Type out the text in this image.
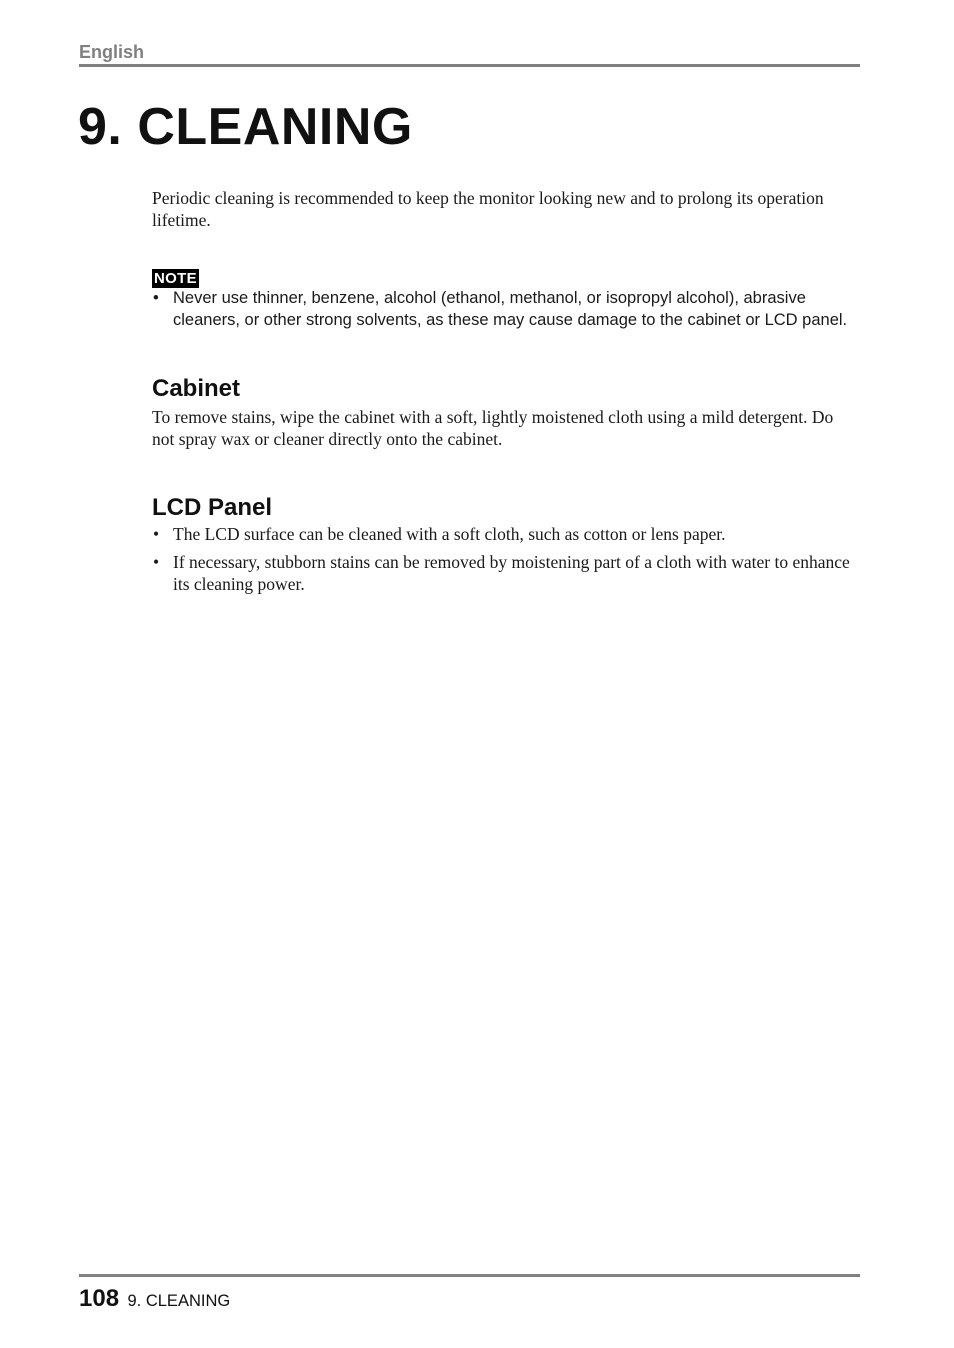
English
9. CLEANING

Periodic cleaning is recommended to keep the monitor looking new and to prolong its operation lifetime.

NOTE
• Never use thinner, benzene, alcohol (ethanol, methanol, or isopropyl alcohol), abrasive cleaners, or other strong solvents, as these may cause damage to the cabinet or LCD panel.
Cabinet

To remove stains, wipe the cabinet with a soft, lightly moistened cloth using a mild detergent. Do not spray wax or cleaner directly onto the cabinet.

LCD Panel
• The LCD surface can be cleaned with a soft cloth, such as cotton or lens paper.
• If necessary, stubborn stains can be removed by moistening part of a cloth with water to enhance its cleaning power.
108 9. CLEANING
